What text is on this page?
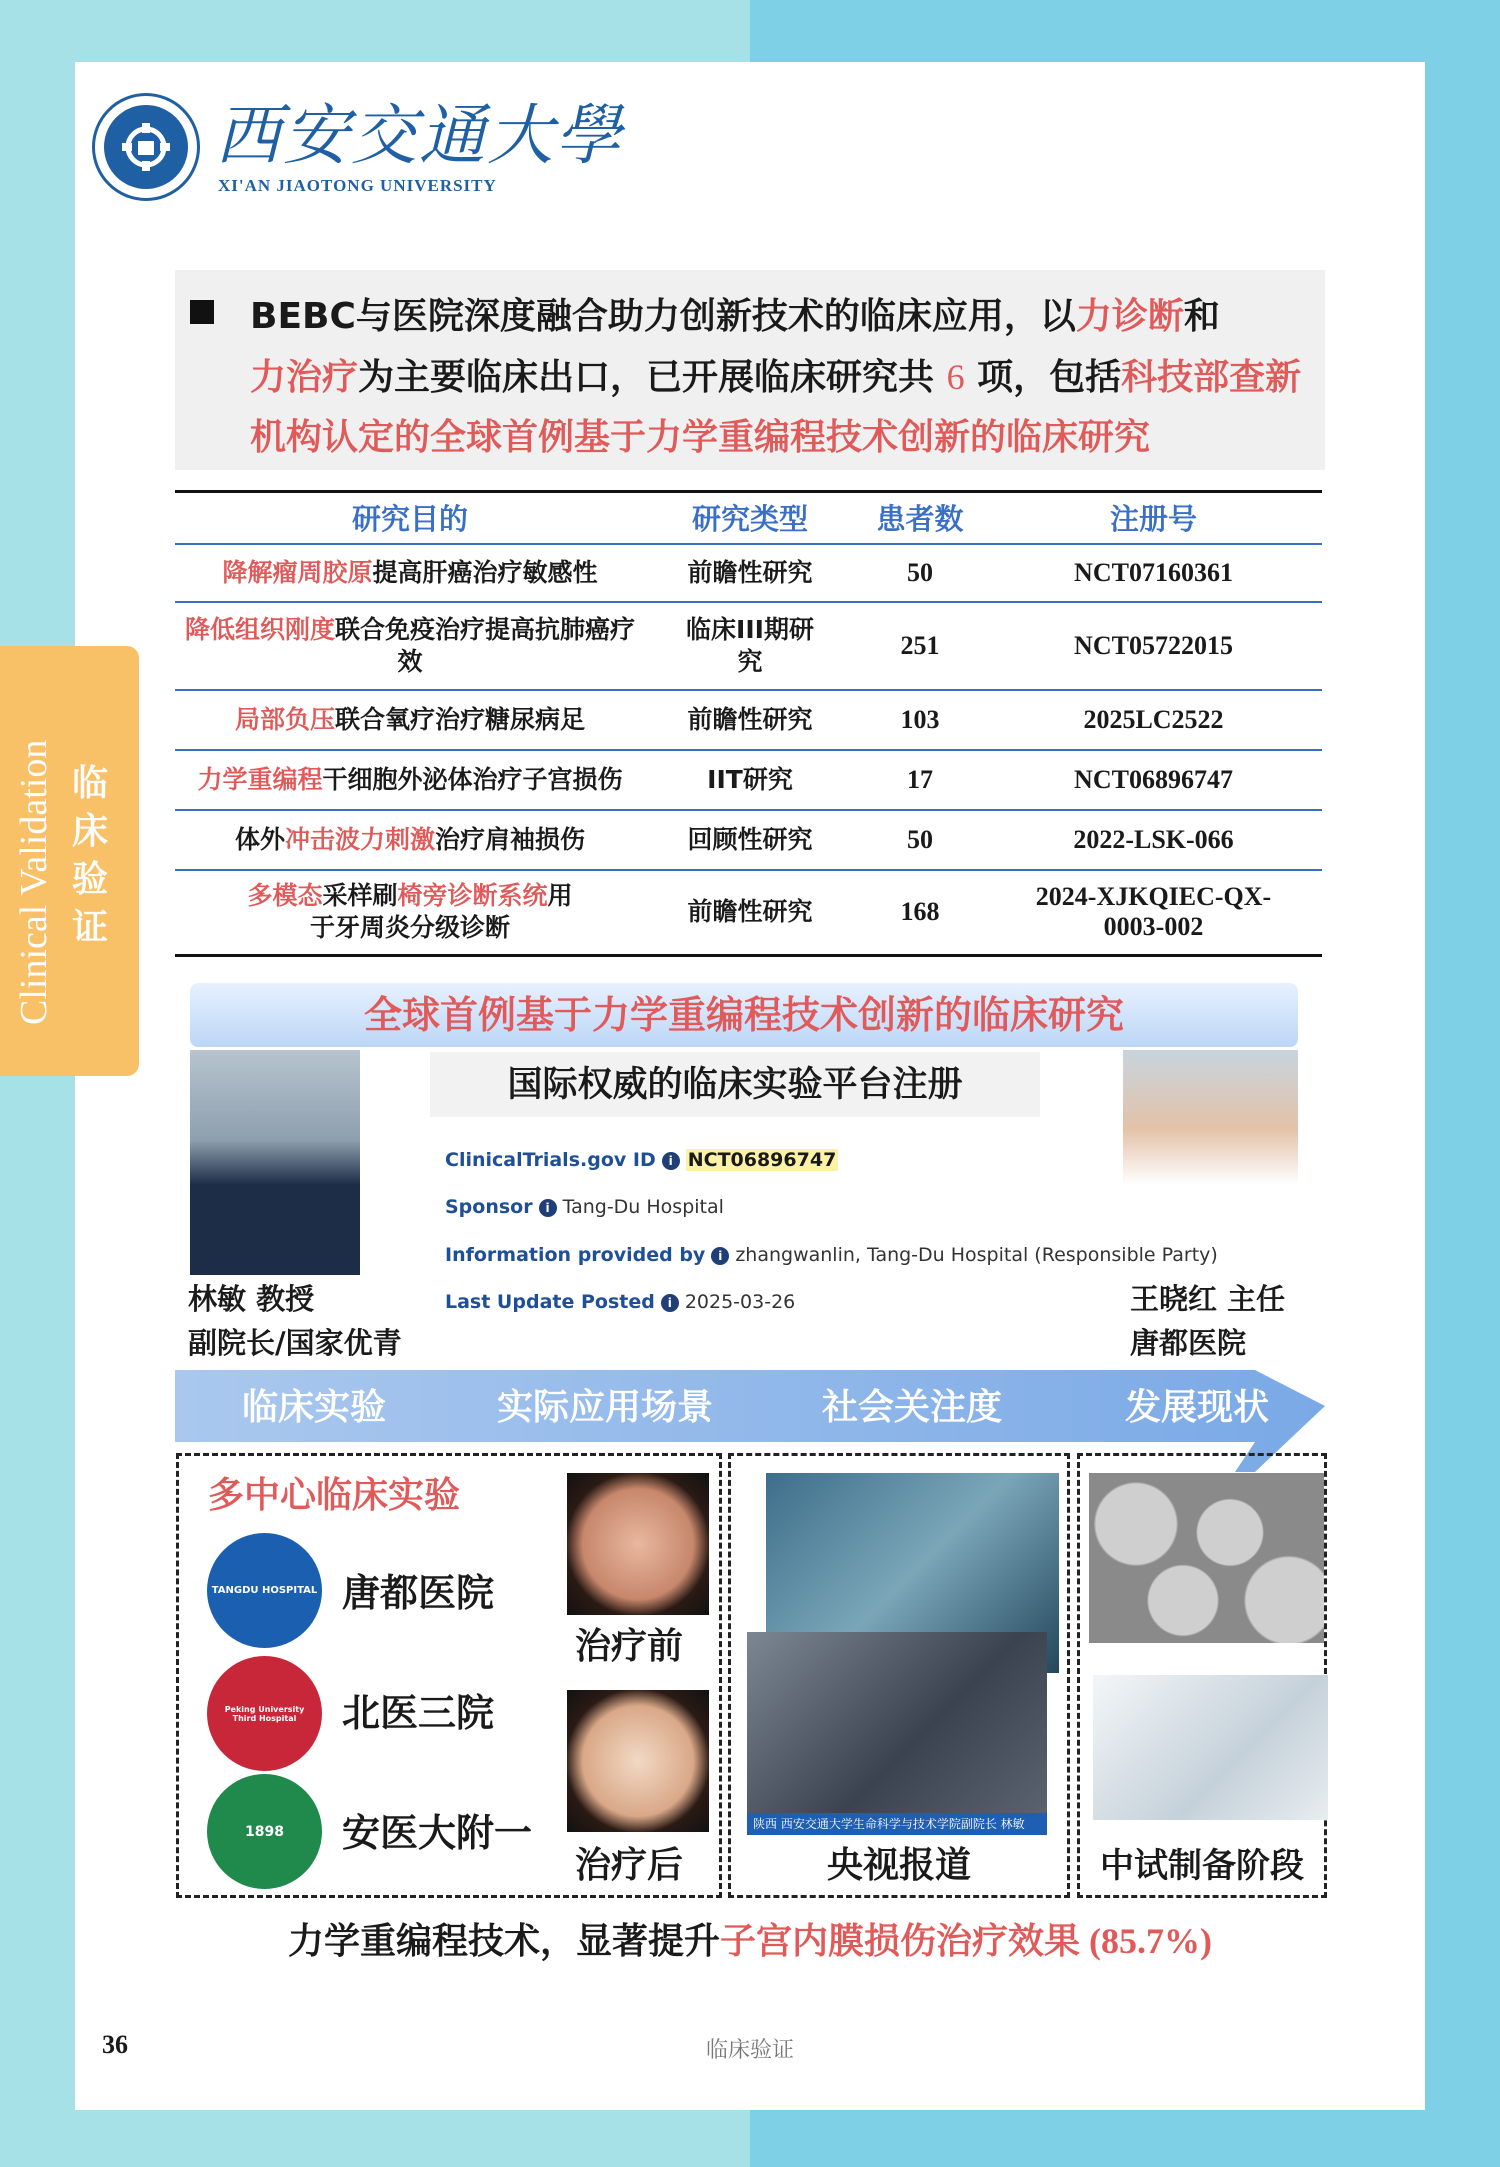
西安交通大學
XI'AN JIAOTONG UNIVERSITY
BEBC与医院深度融合助力创新技术的临床应用，以力诊断和
力治疗为主要临床出口，已开展临床研究共 6 项，包括科技部查新机构认定的全球首例基于力学重编程技术创新的临床研究
研究目的	研究类型	患者数	注册号
降解瘤周胶原提高肝癌治疗敏感性	前瞻性研究	50	NCT07160361
降低组织刚度联合免疫治疗提高抗肺癌疗效	临床III期研究	251	NCT05722015
局部负压联合氧疗治疗糖尿病足	前瞻性研究	103	2025LC2522
力学重编程干细胞外泌体治疗子宫损伤	IIT研究	17	NCT06896747
体外冲击波力刺激治疗肩袖损伤	回顾性研究	50	2022-LSK-066
多模态采样刷椅旁诊断系统用于牙周炎分级诊断	前瞻性研究	168	2024-XJKQIEC-QX-0003-002
Clinical Validation 临床验证
全球首例基于力学重编程技术创新的临床研究
林敏 教授
副院长/国家优青
王晓红 主任
唐都医院
国际权威的临床实验平台注册
ClinicalTrials.gov ID i NCT06896747
Sponsor i Tang-Du Hospital
Information provided by i zhangwanlin, Tang-Du Hospital (Responsible Party)
Last Update Posted i 2025-03-26
临床实验	实际应用场景	社会关注度	发展现状
多中心临床实验
TANGDU HOSPITAL 唐都医院
Peking University Third Hospital	北医三院
1898 安医大附一
治疗前
治疗后
陕西 西安交通大学生命科学与技术学院副院长 林敏
央视报道	中试制备阶段
力学重编程技术，显著提升子宫内膜损伤治疗效果 (85.7%)
36	临床验证
